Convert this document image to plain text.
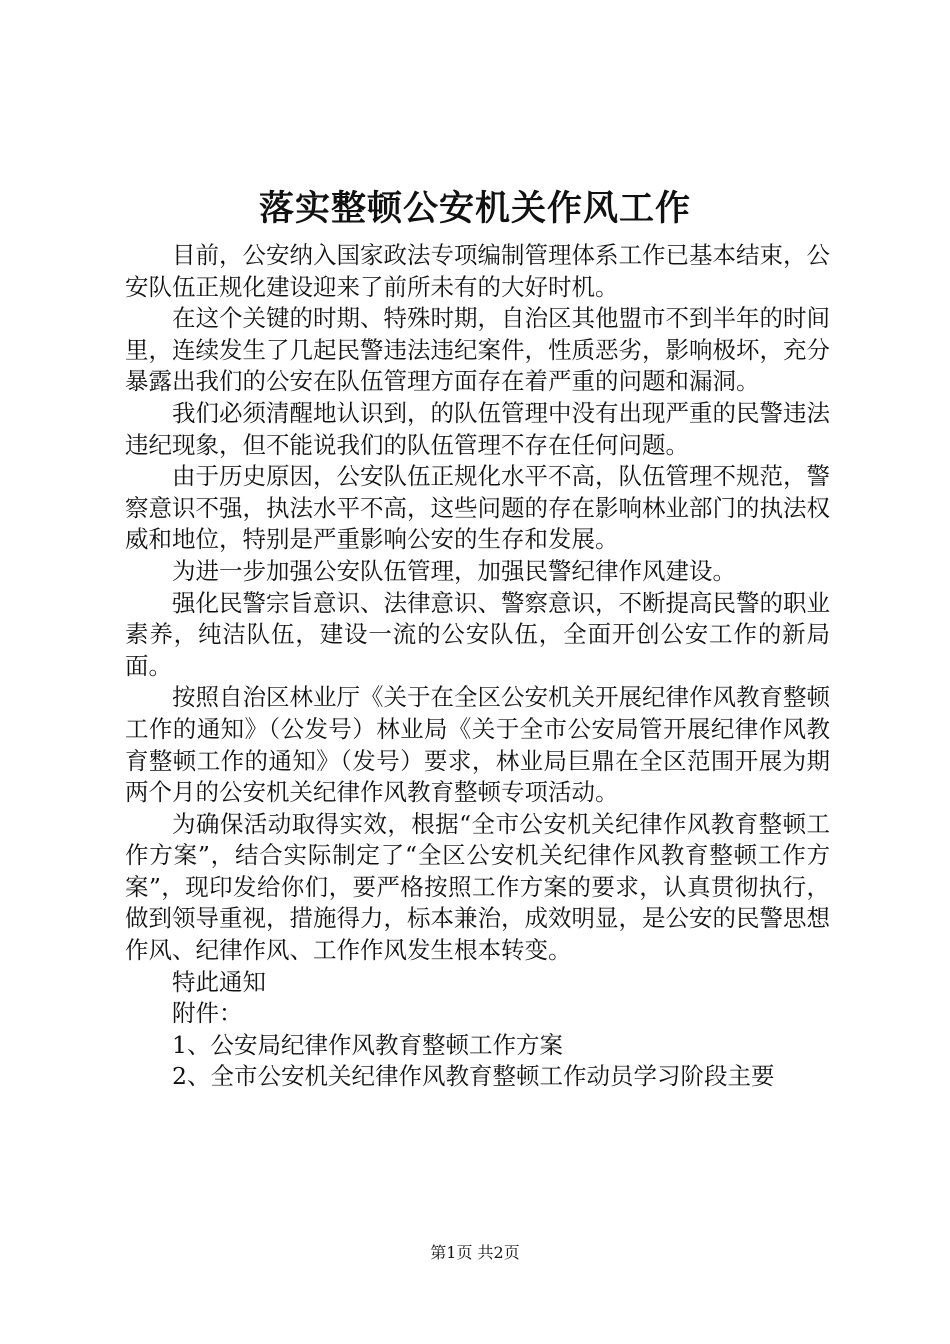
落实整顿公安机关作风工作

目前，公安纳入国家政法专项编制管理体系工作已基本结束，公安队伍正规化建设迎来了前所未有的大好时机。

在这个关键的时期、特殊时期，自治区其他盟市不到半年的时间里，连续发生了几起民警违法违纪案件，性质恶劣，影响极坏，充分暴露出我们的公安在队伍管理方面存在着严重的问题和漏洞。

我们必须清醒地认识到，的队伍管理中没有出现严重的民警违法违纪现象，但不能说我们的队伍管理不存在任何问题。

由于历史原因，公安队伍正规化水平不高，队伍管理不规范，警察意识不强，执法水平不高，这些问题的存在影响林业部门的执法权威和地位，特别是严重影响公安的生存和发展。

为进一步加强公安队伍管理，加强民警纪律作风建设。

强化民警宗旨意识、法律意识、警察意识，不断提高民警的职业素养，纯洁队伍，建设一流的公安队伍，全面开创公安工作的新局面。

按照自治区林业厅《关于在全区公安机关开展纪律作风教育整顿工作的通知》（公发号）林业局《关于全市公安局管开展纪律作风教育整顿工作的通知》（发号）要求，林业局巨鼎在全区范围开展为期两个月的公安机关纪律作风教育整顿专项活动。

为确保活动取得实效，根据“全市公安机关纪律作风教育整顿工作方案”，结合实际制定了“全区公安机关纪律作风教育整顿工作方案”，现印发给你们，要严格按照工作方案的要求，认真贯彻执行，做到领导重视，措施得力，标本兼治，成效明显，是公安的民警思想作风、纪律作风、工作作风发生根本转变。

特此通知

附件：

1、公安局纪律作风教育整顿工作方案

2、全市公安机关纪律作风教育整顿工作动员学习阶段主要

第1页 共2页
